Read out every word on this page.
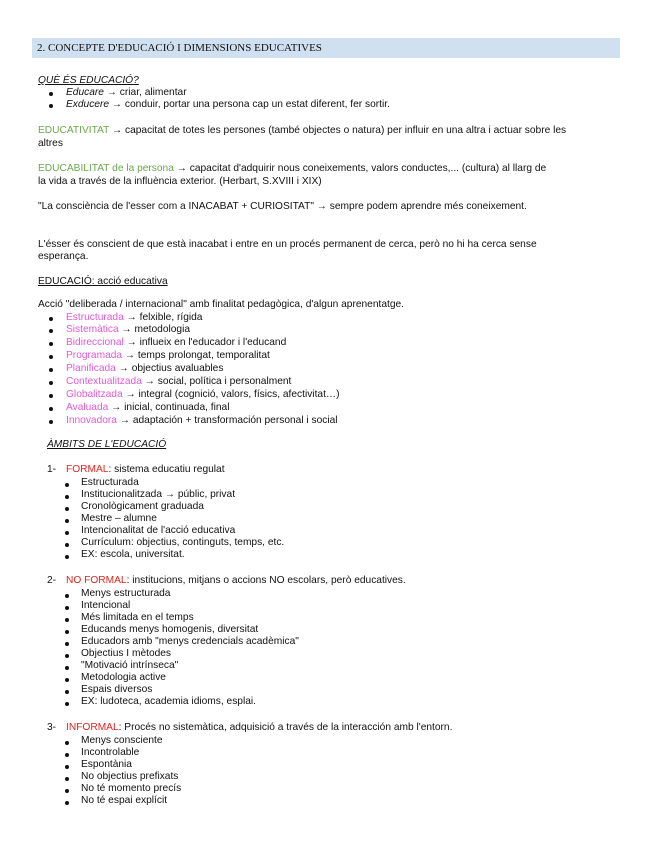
2. CONCEPTE D'EDUCACIÓ I DIMENSIONS EDUCATIVES
QUÈ ÉS EDUCACIÓ?
Educare → criar, alimentar
Exducere → conduir, portar una persona cap un estat diferent, fer sortir.
EDUCATIVITAT → capacitat de totes les persones (també objectes o natura) per influir en una altra i actuar sobre les
altres
EDUCABILITAT de la persona → capacitat d'adquirir nous coneixements, valors conductes,... (cultura) al llarg de
la vida a través de la influència exterior. (Herbart, S.XVIII i XIX)
"La consciència de l'esser com a INACABAT + CURIOSITAT" → sempre podem aprendre més coneixement.
L'ésser és conscient de que està inacabat i entre en un procés permanent de cerca, però no hi ha cerca sense
esperança.
EDUCACIÓ: acció educativa
Acció "deliberada / internacional" amb finalitat pedagògica, d'algun aprenentatge.
Estructurada → felxible, rígida
Sistemàtica → metodologia
Bidireccional → influeix en l'educador i l'educand
Programada → temps prolongat, temporalitat
Planificada → objectius avaluables
Contextualitzada → social, política i personalment
Globalitzada → integral (cognició, valors, físics, afectivitat…)
Avaluada → inicial, continuada, final
Innovadora → adaptación + transformación personal i social
ÀMBITS DE L'EDUCACIÓ
1- FORMAL: sistema educatiu regulat
Estructurada
Institucionalitzada → públic, privat
Cronològicament graduada
Mestre – alumne
Intencionalitat de l'acció educativa
Currículum: objectius, continguts, temps, etc.
EX: escola, universitat.
2- NO FORMAL: institucions, mitjans o accions NO escolars, però educatives.
Menys estructurada
Intencional
Més limitada en el temps
Educands menys homogenis, diversitat
Educadors amb "menys credencials acadèmica"
Objectius I mètodes
"Motivació intrínseca"
Metodologia active
Espais diversos
EX: ludoteca, academia idioms, esplai.
3- INFORMAL: Procés no sistemàtica, adquisició a través de la interacción amb l'entorn.
Menys consciente
Incontrolable
Espontània
No objectius prefixats
No té momento precís
No té espai explícit
